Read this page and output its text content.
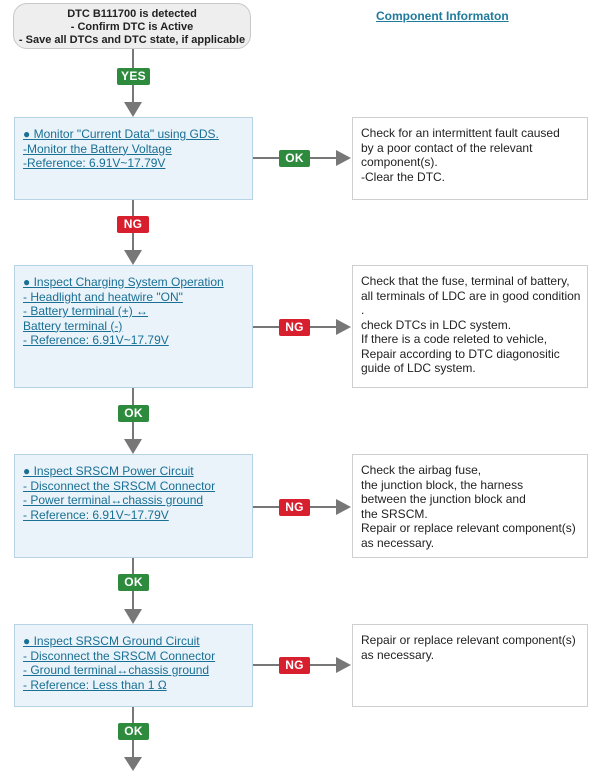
DTC B111700 is detected
- Confirm DTC is Active
- Save all DTCs and DTC state, if applicable
Component Informaton
YES
● Monitor "Current Data" using GDS.
-Monitor the Battery Voltage
-Reference: 6.91V~17.79V	OK
Check for an intermittent fault caused
by a poor contact of the relevant
component(s).
-Clear the DTC.
NG
● Inspect Charging System Operation
- Headlight and heatwire "ON"
- Battery terminal (+) ↔
Battery terminal (-)
- Reference: 6.91V~17.79V
NG
Check that the fuse, terminal of battery,
all terminals of LDC are in good condition
.
check DTCs in LDC system.
If there is a code releted to vehicle,
Repair according to DTC diagonositic
guide of LDC system.
OK
● Inspect SRSCM Power Circuit
- Disconnect the SRSCM Connector
- Power terminal↔chassis ground
- Reference: 6.91V~17.79V
NG
Check the airbag fuse,
the junction block, the harness
between the junction block and
the SRSCM.
Repair or replace relevant component(s)
as necessary.
OK
● Inspect SRSCM Ground Circuit
- Disconnect the SRSCM Connector
- Ground terminal↔chassis ground
- Reference: Less than 1 Ω
NG
Repair or replace relevant component(s)
as necessary.
OK
